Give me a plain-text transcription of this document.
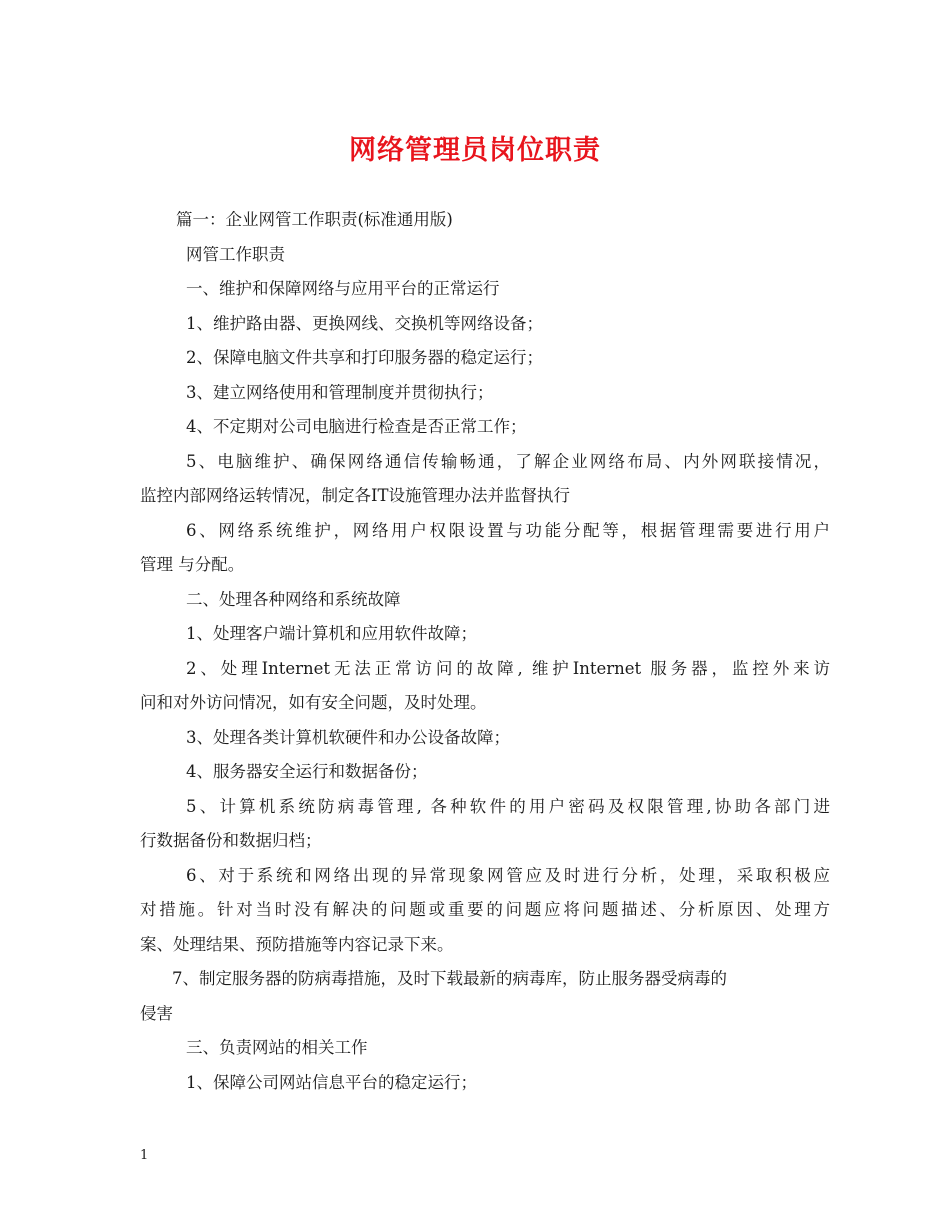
网络管理员岗位职责
篇一：企业网管工作职责(标准通用版)
网管工作职责
一、维护和保障网络与应用平台的正常运行
1、维护路由器、更换网线、交换机等网络设备；
2、保障电脑文件共享和打印服务器的稳定运行；
3、建立网络使用和管理制度并贯彻执行；
4、不定期对公司电脑进行检查是否正常工作；
5、电脑维护、确保网络通信传输畅通，了解企业网络布局、内外网联接情况，
监控内部网络运转情况，制定各IT设施管理办法并监督执行
6、网络系统维护，网络用户权限设置与功能分配等，根据管理需要进行用户
管理 与分配。
二、处理各种网络和系统故障
1、处理客户端计算机和应用软件故障；
2、处理Internet无法正常访问的故障, 维护Internet 服务器，监控外来访
问和对外访问情况，如有安全问题，及时处理。
3、处理各类计算机软硬件和办公设备故障；
4、服务器安全运行和数据备份；
5、计算机系统防病毒管理, 各种软件的用户密码及权限管理,协助各部门进
行数据备份和数据归档；
6、对于系统和网络出现的异常现象网管应及时进行分析，处理，采取积极应
对措施。针对当时没有解决的问题或重要的问题应将问题描述、分析原因、处理方
案、处理结果、预防措施等内容记录下来。
7、制定服务器的防病毒措施，及时下载最新的病毒库，防止服务器受病毒的
侵害
三、负责网站的相关工作
1、保障公司网站信息平台的稳定运行；
1
